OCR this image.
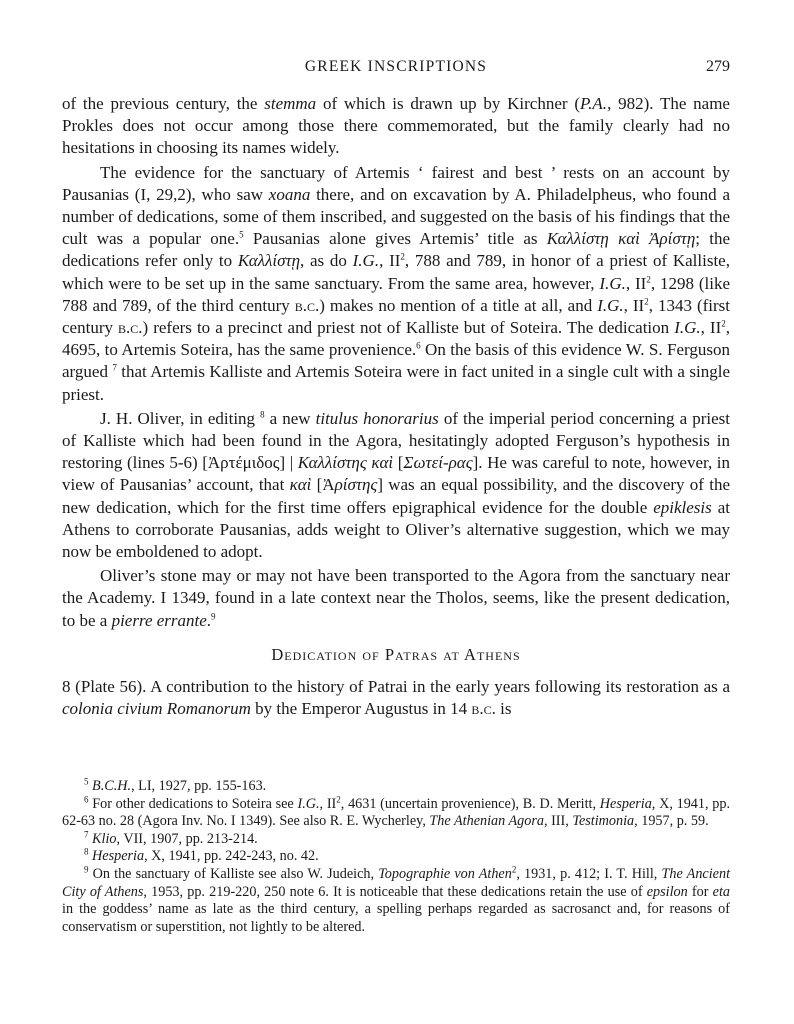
GREEK INSCRIPTIONS	279

of the previous century, the stemma of which is drawn up by Kirchner (P.A., 982). The name Prokles does not occur among those there commemorated, but the family clearly had no hesitations in choosing its names widely.

The evidence for the sanctuary of Artemis ‘ fairest and best ’ rests on an account by Pausanias (I, 29,2), who saw xoana there, and on excavation by A. Philadelpheus, who found a number of dedications, some of them inscribed, and suggested on the basis of his findings that the cult was a popular one.$^5$ Pausanias alone gives Artemis’ title as Καλλίστῃ καὶ Ἀρίστῃ; the dedications refer only to Καλλίστῃ, as do I.G., $II^2$, 788 and 789, in honor of a priest of Kalliste, which were to be set up in the same sanctuary. From the same area, however, I.G., $II^2$, 1298 (like 788 and 789, of the third century b.c.) makes no mention of a title at all, and I.G., $II^2$, 1343 (first century b.c.) refers to a precinct and priest not of Kalliste but of Soteira. The dedication I.G., $II^2$, 4695, to Artemis Soteira, has the same provenience.$^6$ On the basis of this evidence W. S. Ferguson argued $^7$ that Artemis Kalliste and Artemis Soteira were in fact united in a single cult with a single priest.

J. H. Oliver, in editing $^8$ a new titulus honorarius of the imperial period concerning a priest of Kalliste which had been found in the Agora, hesitatingly adopted Ferguson’s hypothesis in restoring (lines 5-6) [Ἀρτέμιδος] | Καλλίστης καὶ [Σωτεί-ρας]. He was careful to note, however, in view of Pausanias’ account, that καὶ [Ἀρίστης] was an equal possibility, and the discovery of the new dedication, which for the first time offers epigraphical evidence for the double epiklesis at Athens to corroborate Pausanias, adds weight to Oliver’s alternative suggestion, which we may now be emboldened to adopt.

Oliver’s stone may or may not have been transported to the Agora from the sanctuary near the Academy. I 1349, found in a late context near the Tholos, seems, like the present dedication, to be a pierre errante.$^9$

Dedication of Patras at Athens

8 (Plate 56). A contribution to the history of Patrai in the early years following its restoration as a colonia civium Romanorum by the Emperor Augustus in 14 b.c. is

$^5$ B.C.H., LI, 1927, pp. 155-163.

$^6$ For other dedications to Soteira see I.G., $II^2$, 4631 (uncertain provenience), B. D. Meritt, Hesperia, X, 1941, pp. 62-63 no. 28 (Agora Inv. No. I 1349). See also R. E. Wycherley, The Athenian Agora, III, Testimonia, 1957, p. 59.

$^7$ Klio, VII, 1907, pp. 213-214.

$^8$ Hesperia, X, 1941, pp. 242-243, no. 42.

$^9$ On the sanctuary of Kalliste see also W. Judeich, Topographie von Athen$^2$, 1931, p. 412; I. T. Hill, The Ancient City of Athens, 1953, pp. 219-220, 250 note 6. It is noticeable that these dedications retain the use of epsilon for eta in the goddess’ name as late as the third century, a spelling perhaps regarded as sacrosanct and, for reasons of conservatism or superstition, not lightly to be altered.
